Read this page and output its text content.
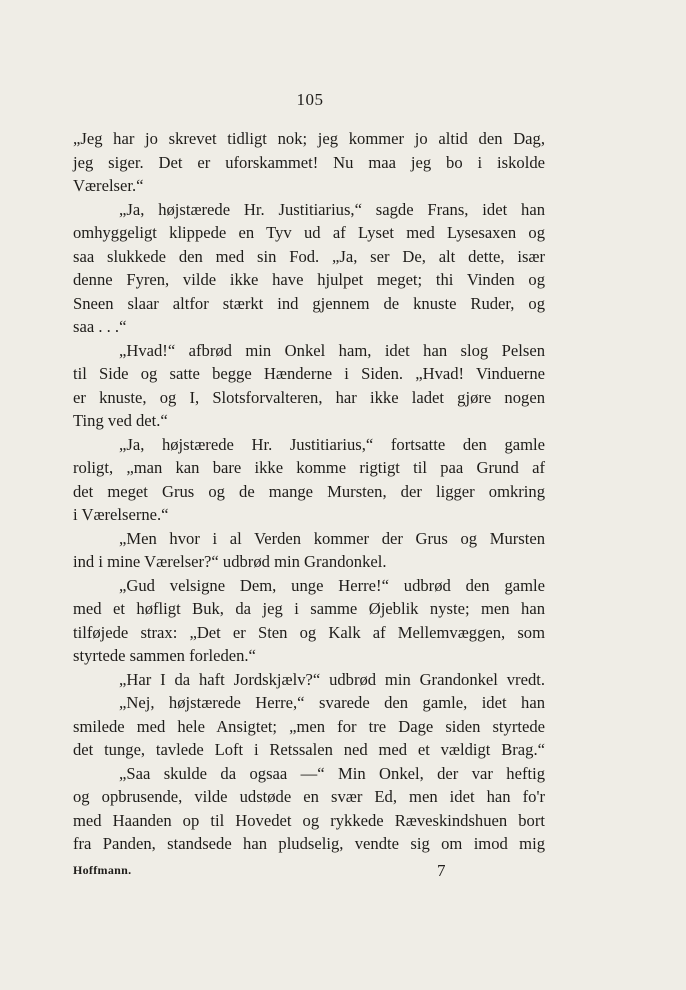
105
„Jeg har jo skrevet tidligt nok; jeg kommer jo altid den Dag,
jeg siger. Det er uforskammet! Nu maa jeg bo i iskolde
Værelser.“
„Ja, højstærede Hr. Justitiarius,“ sagde Frans, idet han
omhyggeligt klippede en Tyv ud af Lyset med Lysesaxen og
saa slukkede den med sin Fod. „Ja, ser De, alt dette, især
denne Fyren, vilde ikke have hjulpet meget; thi Vinden og
Sneen slaar altfor stærkt ind gjennem de knuste Ruder, og
saa . . .“
„Hvad!“ afbrød min Onkel ham, idet han slog Pelsen
til Side og satte begge Hænderne i Siden. „Hvad! Vinduerne
er knuste, og I, Slotsforvalteren, har ikke ladet gjøre nogen
Ting ved det.“
„Ja, højstærede Hr. Justitiarius,“ fortsatte den gamle
roligt, „man kan bare ikke komme rigtigt til paa Grund af
det meget Grus og de mange Mursten, der ligger omkring
i Værelserne.“
„Men hvor i al Verden kommer der Grus og Mursten
ind i mine Værelser?“ udbrød min Grandonkel.
„Gud velsigne Dem, unge Herre!“ udbrød den gamle
med et høfligt Buk, da jeg i samme Øjeblik nyste; men han
tilføjede strax: „Det er Sten og Kalk af Mellemvæggen, som
styrtede sammen forleden.“
„Har I da haft Jordskjælv?“ udbrød min Grandonkel vredt.
„Nej, højstærede Herre,“ svarede den gamle, idet han
smilede med hele Ansigtet; „men for tre Dage siden styrtede
det tunge, tavlede Loft i Retssalen ned med et vældigt Brag.“
„Saa skulde da ogsaa —“ Min Onkel, der var heftig
og opbrusende, vilde udstøde en svær Ed, men idet han fo'r
med Haanden op til Hovedet og rykkede Ræveskindshuen bort
fra Panden, standsede han pludselig, vendte sig om imod mig
Hoffmann.	7
